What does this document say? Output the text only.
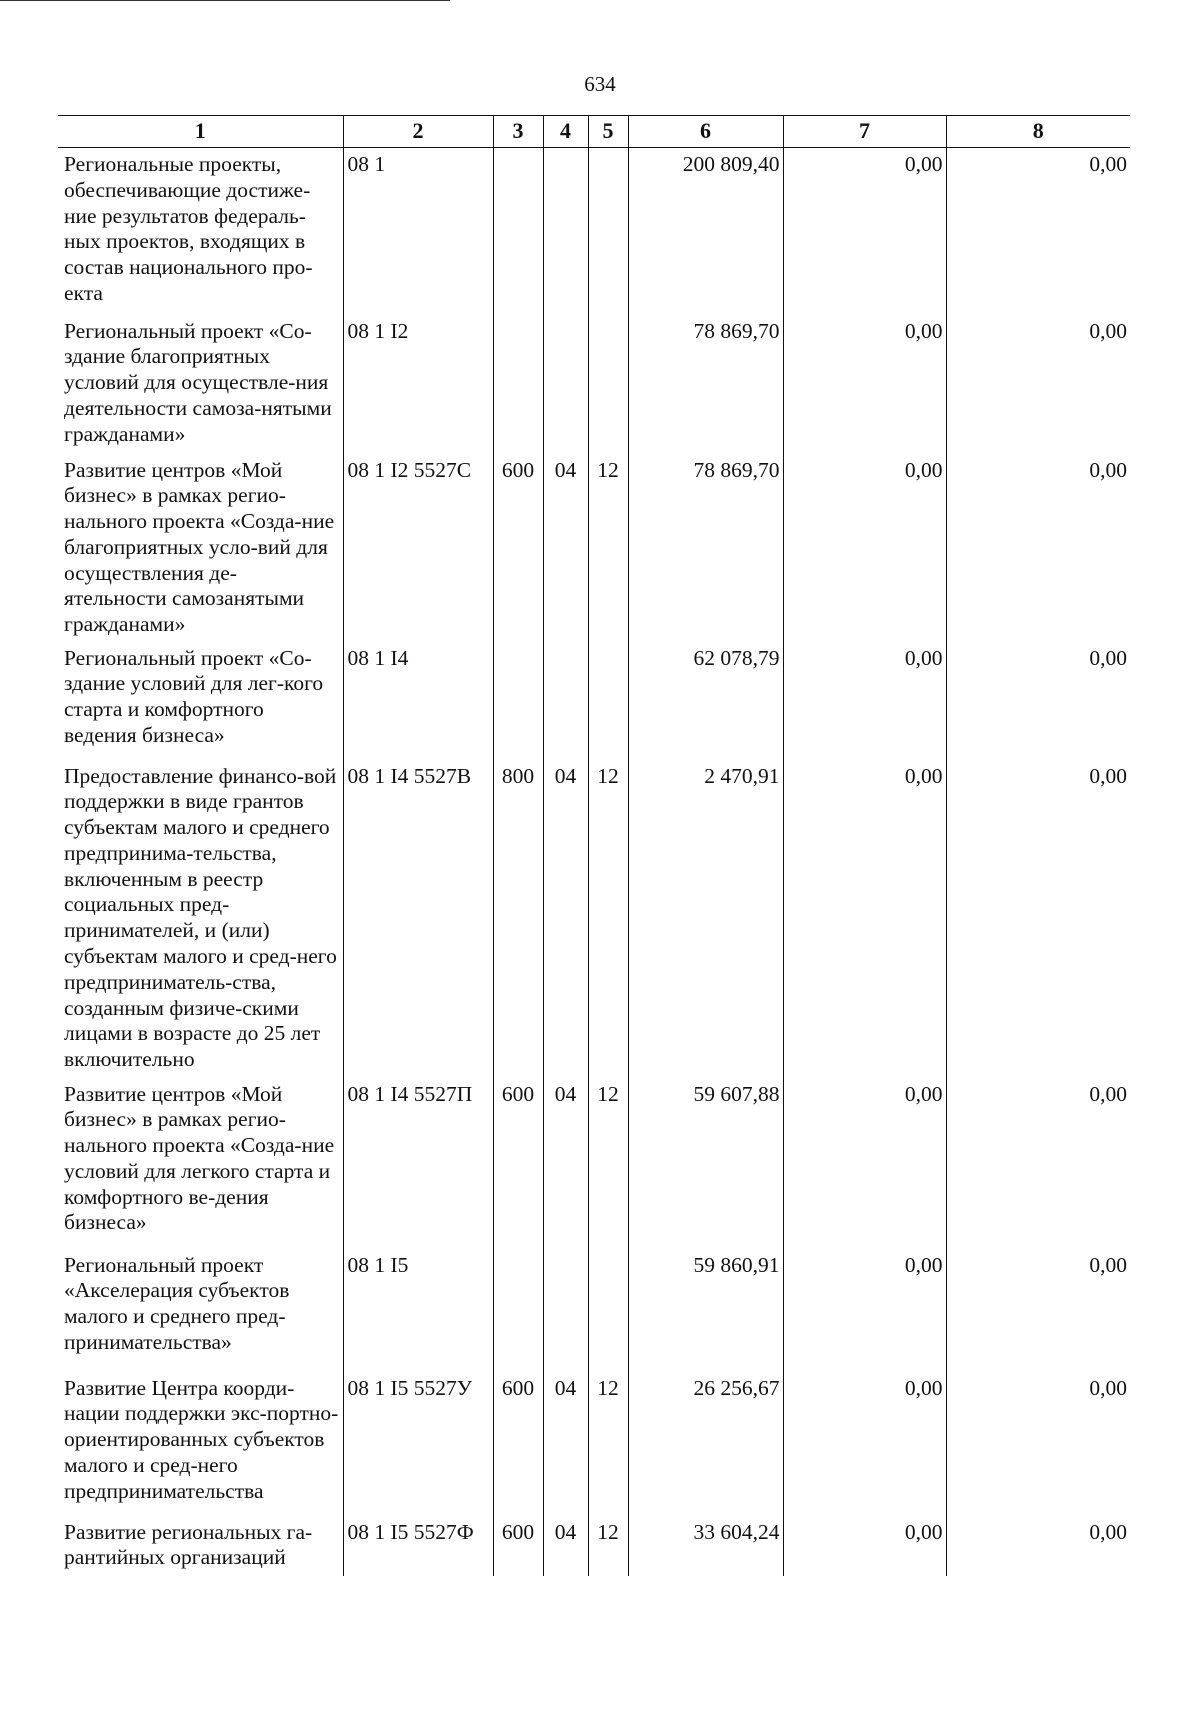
634
1	2	3	4	5	6	7	8
Региональные проекты, обеспечивающие достиже-ние результатов федераль-ных проектов, входящих в состав национального про-екта	08 1				200 809,40	0,00	0,00
Региональный проект «Со-здание благоприятных условий для осуществле-ния деятельности самоза-нятыми гражданами»	08 1 I2				78 869,70	0,00	0,00
Развитие центров «Мой бизнес» в рамках регио-нального проекта «Созда-ние благоприятных усло-вий для осуществления де-ятельности самозанятыми гражданами»	08 1 I2 5527С	600	04	12	78 869,70	0,00	0,00
Региональный проект «Со-здание условий для лег-кого старта и комфортного ведения бизнеса»	08 1 I4				62 078,79	0,00	0,00
Предоставление финансо-вой поддержки в виде грантов субъектам малого и среднего предпринима-тельства, включенным в реестр социальных пред-принимателей, и (или) субъектам малого и сред-него предприниматель-ства, созданным физиче-скими лицами в возрасте до 25 лет включительно	08 1 I4 5527В	800	04	12	2 470,91	0,00	0,00
Развитие центров «Мой бизнес» в рамках регио-нального проекта «Созда-ние условий для легкого старта и комфортного ве-дения бизнеса»	08 1 I4 5527П	600	04	12	59 607,88	0,00	0,00
Региональный проект «Акселерация субъектов малого и среднего пред-принимательства»	08 1 I5				59 860,91	0,00	0,00
Развитие Центра коорди-нации поддержки экс-портно-ориентированных субъектов малого и сред-него предпринимательства	08 1 I5 5527У	600	04	12	26 256,67	0,00	0,00
Развитие региональных га-рантийных организаций	08 1 I5 5527Ф	600	04	12	33 604,24	0,00	0,00
